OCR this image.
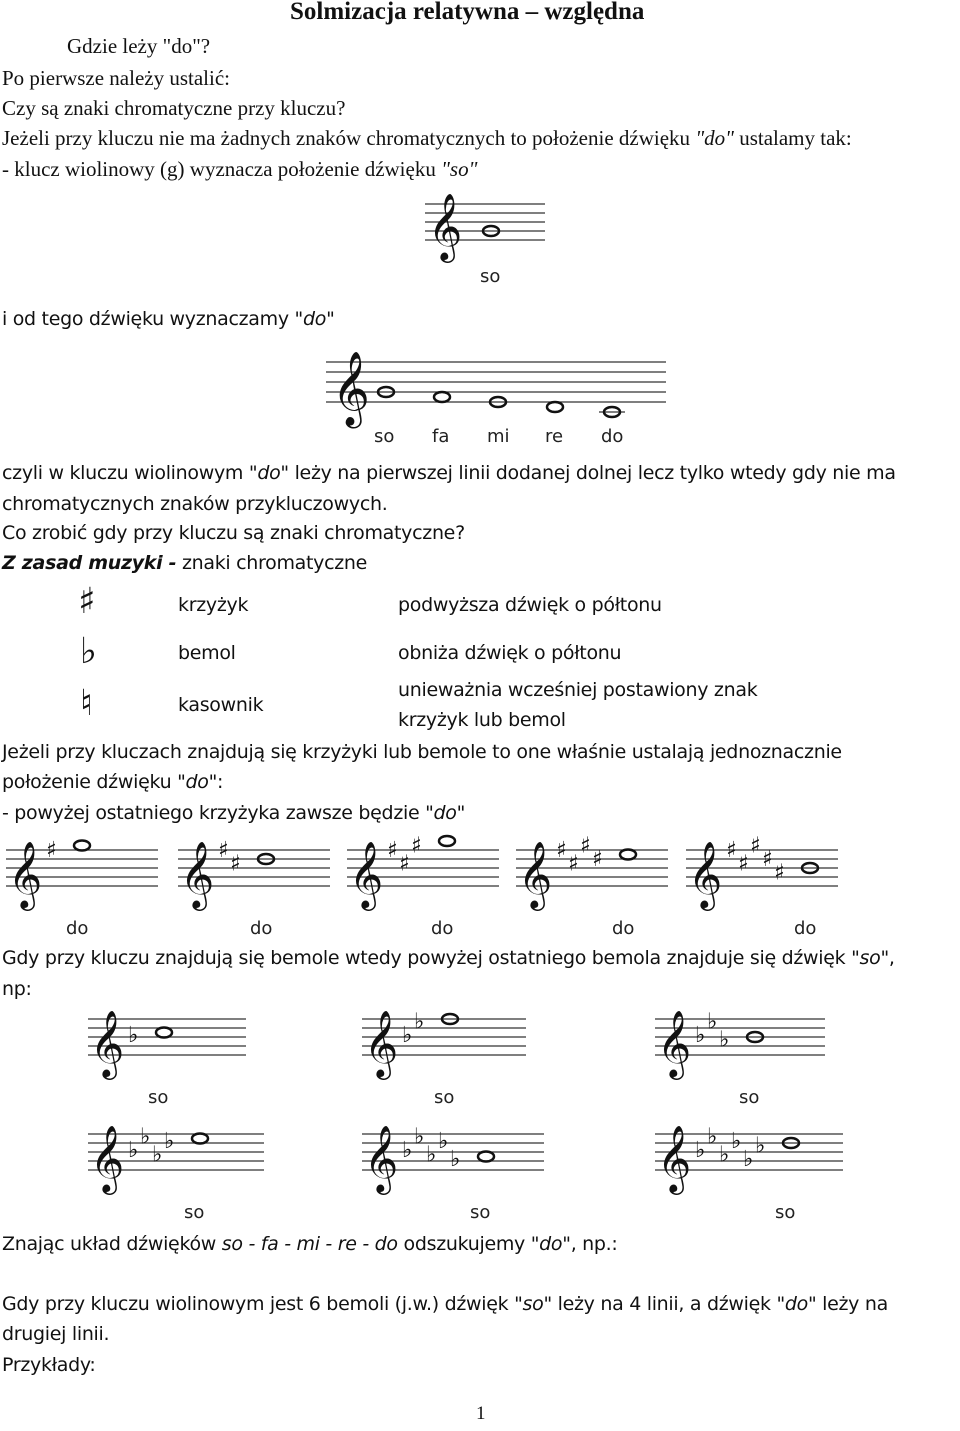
Solmizacja relatywna – względna
Gdzie leży "do"?
Po pierwsze należy ustalić:
Czy są znaki chromatyczne przy kluczu?
Jeżeli przy kluczu nie ma żadnych znaków chromatycznych to położenie dźwięku "do" ustalamy tak:
- klucz wiolinowy (g) wyznacza położenie dźwięku "so"
𝄞
so
i od tego dźwięku wyznaczamy "do"
𝄞
so fa mi re do
czyli w kluczu wiolinowym "do" leży na pierwszej linii dodanej dolnej lecz tylko wtedy gdy nie ma
chromatycznych znaków przykluczowych.
Co zrobić gdy przy kluczu są znaki chromatyczne?
Z zasad muzyki - znaki chromatyczne
♯	krzyżyk	podwyższa dźwięk o półtonu
♭	bemol	obniża dźwięk o półtonu
♮	kasownik
unieważnia wcześniej postawiony znak
krzyżyk lub bemol
Jeżeli przy kluczach znajdują się krzyżyki lub bemole to one właśnie ustalają jednoznacznie
położenie dźwięku "do":
- powyżej ostatniego krzyżyka zawsze będzie "do"
𝄞 ♯
do
𝄞 ♯
♯
do
𝄞 ♯
♯
♯
do
𝄞 ♯
♯
♯
♯
do
𝄞 ♯
♯
♯
♯
♯
do
Gdy przy kluczu znajdują się bemole wtedy powyżej ostatniego bemola znajduje się dźwięk "so",
np:
𝄞 ♭
so
𝄞 ♭
♭
so
𝄞 ♭
♭
♭
so
𝄞 ♭
♭
♭
♭
so
𝄞 ♭
♭
♭
♭
♭
so
𝄞 ♭
♭
♭
♭
♭
♭
so
Znając układ dźwięków so - fa - mi - re - do odszukujemy "do", np.:
Gdy przy kluczu wiolinowym jest 6 bemoli (j.w.) dźwięk "so" leży na 4 linii, a dźwięk "do" leży na
drugiej linii.
Przykłady:
1
